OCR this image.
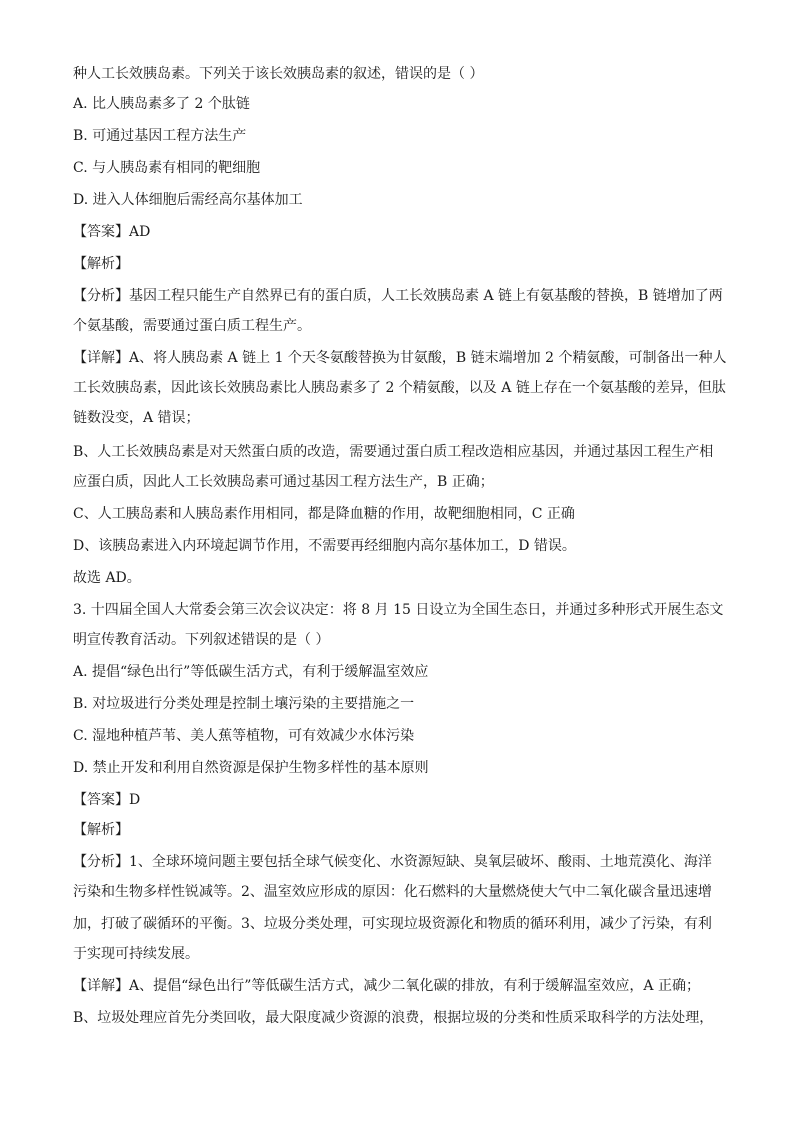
种人工长效胰岛素。下列关于该长效胰岛素的叙述，错误的是（ ）
A. 比人胰岛素多了 2 个肽链
B. 可通过基因工程方法生产
C. 与人胰岛素有相同的靶细胞
D. 进入人体细胞后需经高尔基体加工
【答案】AD
【解析】
【分析】基因工程只能生产自然界已有的蛋白质，人工长效胰岛素 A 链上有氨基酸的替换，B 链增加了两
个氨基酸，需要通过蛋白质工程生产。
【详解】A、将人胰岛素 A 链上 1 个天冬氨酸替换为甘氨酸，B 链末端增加 2 个精氨酸，可制备出一种人
工长效胰岛素，因此该长效胰岛素比人胰岛素多了 2 个精氨酸，以及 A 链上存在一个氨基酸的差异，但肽
链数没变，A 错误；
B、人工长效胰岛素是对天然蛋白质的改造，需要通过蛋白质工程改造相应基因，并通过基因工程生产相
应蛋白质，因此人工长效胰岛素可通过基因工程方法生产，B 正确；
C、人工胰岛素和人胰岛素作用相同，都是降血糖的作用，故靶细胞相同，C 正确
D、该胰岛素进入内环境起调节作用，不需要再经细胞内高尔基体加工，D 错误。
故选 AD。
3. 十四届全国人大常委会第三次会议决定：将 8 月 15 日设立为全国生态日，并通过多种形式开展生态文
明宣传教育活动。下列叙述错误的是（ ）
A. 提倡“绿色出行”等低碳生活方式，有利于缓解温室效应
B. 对垃圾进行分类处理是控制土壤污染的主要措施之一
C. 湿地种植芦苇、美人蕉等植物，可有效减少水体污染
D. 禁止开发和利用自然资源是保护生物多样性的基本原则
【答案】D
【解析】
【分析】1、全球环境问题主要包括全球气候变化、水资源短缺、臭氧层破坏、酸雨、土地荒漠化、海洋
污染和生物多样性锐减等。2、温室效应形成的原因：化石燃料的大量燃烧使大气中二氧化碳含量迅速增
加，打破了碳循环的平衡。3、垃圾分类处理，可实现垃圾资源化和物质的循环利用，减少了污染，有利
于实现可持续发展。
【详解】A、提倡“绿色出行”等低碳生活方式，减少二氧化碳的排放，有利于缓解温室效应，A 正确；
B、垃圾处理应首先分类回收，最大限度减少资源的浪费，根据垃圾的分类和性质采取科学的方法处理，
